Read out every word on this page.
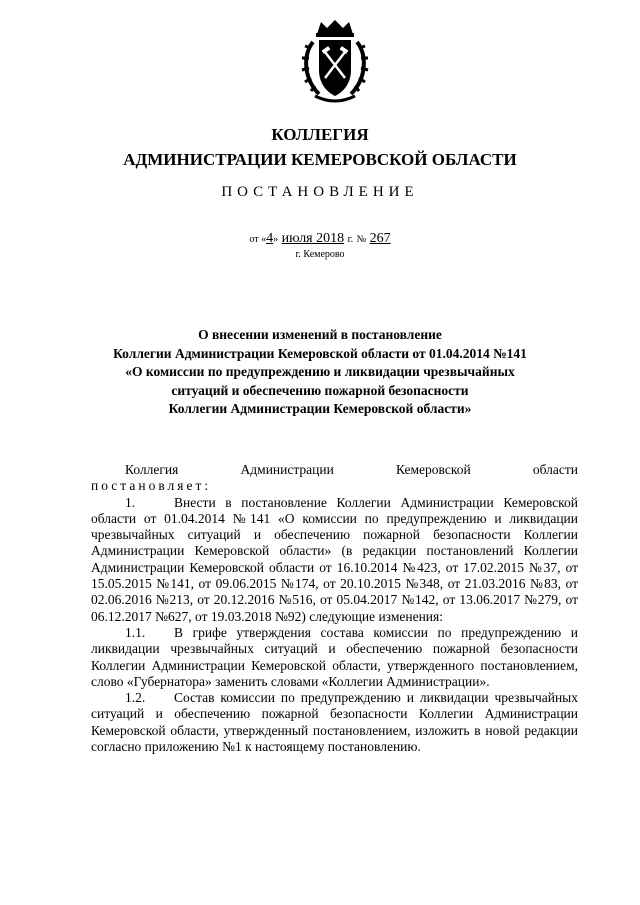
КОЛЛЕГИЯ
АДМИНИСТРАЦИИ КЕМЕРОВСКОЙ ОБЛАСТИ
ПОСТАНОВЛЕНИЕ
от «4» июля 2018 г. № 267
г. Кемерово
О внесении изменений в постановление
Коллегии Администрации Кемеровской области от 01.04.2014 №141
«О комиссии по предупреждению и ликвидации чрезвычайных
ситуаций и обеспечению пожарной безопасности
Коллегии Администрации Кемеровской области»

Коллегия Администрации Кемеровской области

постановляет:

1.	Внести в постановление Коллегии Администрации Кемеровской области от 01.04.2014 №141 «О комиссии по предупреждению и ликвидации чрезвычайных ситуаций и обеспечению пожарной безопасности Коллегии Администрации Кемеровской области» (в редакции постановлений Коллегии Администрации Кемеровской области от 16.10.2014 №423, от 17.02.2015 №37, от 15.05.2015 №141, от 09.06.2015 №174, от 20.10.2015 №348, от 21.03.2016 №83, от 02.06.2016 №213, от 20.12.2016 №516, от 05.04.2017 №142, от 13.06.2017 №279, от 06.12.2017 №627, от 19.03.2018 №92) следующие изменения:

1.1. В грифе утверждения состава комиссии по предупреждению и ликвидации чрезвычайных ситуаций и обеспечению пожарной безопасности Коллегии Администрации Кемеровской области, утвержденного постановлением, слово «Губернатора» заменить словами «Коллегии Администрации».

1.2. Состав комиссии по предупреждению и ликвидации чрезвычайных ситуаций и обеспечению пожарной безопасности Коллегии Администрации Кемеровской области, утвержденный постановлением, изложить в новой редакции согласно приложению №1 к настоящему постановлению.
